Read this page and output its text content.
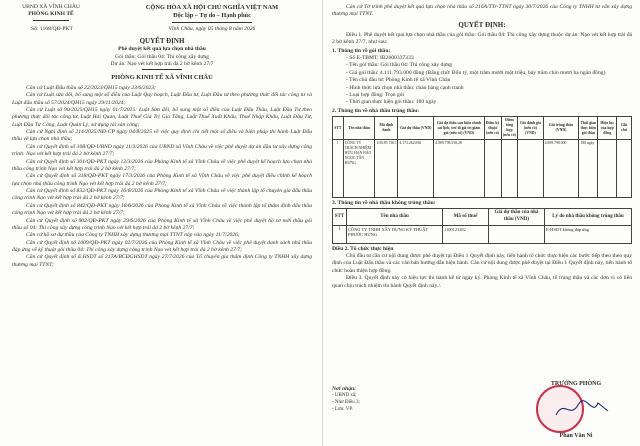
UBND XÃ VĨNH CHÂU
PHÒNG KINH TẾ
CỘNG HÒA XÃ HỘI CHỦ NGHĨA VIỆT NAM
Độc lập – Tự do – Hạnh phúc
Số: 1168/QĐ-PKT	Vĩnh Châu, ngày 05 tháng 8 năm 2026
QUYẾT ĐỊNH
Phê duyệt kết quả lựa chọn nhà thầu
Gói thầu: Gói thầu 04: Thi công xây dựng
Dự án: Nạo vét kết hợp trải đá 2 bờ kênh 27/7
PHÒNG KINH TẾ XÃ VĨNH CHÂU

Căn cứ Luật Đấu thầu số 22/2023/QH15 ngày 23/6/2023;

Căn cứ Luật sửa đổi, bổ sung một số điều của Luật Quy hoạch, Luật Đầu tư, Luật Đầu tư theo phương thức đối tác công tư và Luật đấu thầu số 57/2024/QH15 ngày 29/11/2024;

Căn cứ Luật số 90/2025/QH15 ngày 01/7/2025: Luật Sửa đổi, bổ sung một số điều của Luật Đấu Thầu, Luật Đầu Tư theo phương thức đối tác công tư, Luật Hải Quan, Luật Thuế Giá Trị Gia Tăng, Luật Thuế Xuất Khẩu, Thuế Nhập Khẩu, Luật Đầu Tư, Luật Đầu Tư Công, Luật Quản Lý, sử dụng tài sản công;

Căn cứ Nghị định số 214/2025/NĐ-CP ngày 04/8/2025 về việc quy định chi tiết một số điều và biện pháp thi hành Luật Đấu thầu về lựa chọn nhà thầu;

Căn cứ Quyết định số 308/QĐ-UBND ngày 11/3/2026 của UBND xã Vĩnh Châu về việc phê duyệt dự án đầu tư xây dựng công trình: Nạo vét kết hợp trải đá 2 bờ kênh 27/7;

Căn cứ Quyết định số 301/QĐ-PKT ngày 12/3/2026 của Phòng Kinh tế xã Vĩnh Châu về việc phê duyệt kế hoạch lựa chọn nhà thầu công trình Nạo vét kết hợp trải đá 2 bờ kênh 27/7;

Căn cứ Quyết định số 318/QĐ-PKT ngày 17/3/2026 của Phòng Kinh tế xã Vĩnh Châu về việc phê duyệt điều chỉnh kế hoạch lựa chọn nhà thầu công trình Nạo vét kết hợp trải đá 2 bờ kênh 27/7;

Căn cứ Quyết định số 832/QĐ-PKT ngày 16/6/2026 của Phòng Kinh tế xã Vĩnh Châu về việc thành lập tổ chuyên gia đấu thầu công trình Nạo vét kết hợp trải đá 2 bờ kênh 27/7;

Căn cứ Quyết định số 842/QĐ-PKT ngày 18/6/2026 của Phòng Kinh tế xã Vĩnh Châu về việc thành lập tổ thẩm định đấu thầu công trình Nạo vét kết hợp trải đá 2 bờ kênh 27/7;

Căn cứ Quyết định số 902/QĐ-PKT ngày 29/6/2026 của Phòng Kinh tế xã Vĩnh Châu về việc phê duyệt hồ sơ mời thầu gói thầu số 04: Thi công xây dựng công trình Nạo vét kết hợp trải đá 2 bờ kênh 27/7;

Căn cứ hồ sơ dự thầu của Công ty TNHH xây dựng thương mại TTNT nộp vào ngày 11/7/2026;

Căn cứ Quyết định số 1009/QĐ-PKT ngày 02/7/2026 của Phòng Kinh tế xã Vĩnh Châu về việc phê duyệt danh sách nhà thầu đáp ứng về kỹ thuật gói thầu 04: Thi công xây dựng công trình Nạo vét kết hợp trải đá 2 bờ kênh 27/7;

Căn cứ Quyết định số E.HSDT số 217A/BCĐGHSDT ngày 27/7/2026 của Tổ chuyên gia thẩm định Công ty TNHH xây dựng thương mại TTNT;

Căn cứ Tờ trình phê duyệt kết quả lựa chọn nhà thầu số 216A/TTr-TTNT ngày 30/7/2026 của Công ty TNHH tư vấn xây dựng thương mại TTNT.

QUYẾT ĐỊNH:

Điều 1. Phê duyệt kết quả lựa chọn nhà thầu của gói thầu: Gói thầu 04: Thi công xây dựng thuộc dự án: Nạo vét kết hợp trải đá 2 bờ kênh 27/7, như sau:

1. Thông tin về gói thầu:
- Số E-TBMT: IB2600337333
- Tên gói thầu: Gói thầu 04: Thi công xây dựng
- Giá gói thầu: 4.111.793.000 đồng (Bằng chữ: Bốn tỷ, một trăm mười một triệu, bảy trăm chín mươi ba ngàn đồng)
- Tên chủ đầu tư: Phòng Kinh tế xã Vĩnh Châu
- Hình thức lựa chọn nhà thầu: chào hàng cạnh tranh
- Loại hợp đồng: Trọn gói
- Thời gian thực hiện gói thầu: 180 ngày
2. Thông tin về nhà thầu trúng thầu:
STT	Tên nhà thầu	Mã định danh	Giá dự thầu (VND)	Giá dự thầu sau hiệu chỉnh sai lệch, trừ đi giá trị giảm giá (nếu có) (VND)	Điểm kỹ thuật (nếu có)	Điểm tổng hợp (nếu có)	Giá đánh giá (nếu có) (VND)	Giá trúng thầu (VND)	Thời gian thực hiện gói thầu	Hiệu lực của hợp đồng	Ghi chú
1	CÔNG TY TRÁCH NHIỆM HỮU HẠN BẢO NGỌC TÂN HƯNG	110185 7561	4.173.262.836	4.089.798.558,28				4.089.798.000	180 ngày		
3. Thông tin về nhà thầu không trúng thầu:
STT	Tên nhà thầu	Mã số thuế	Giá dự thầu của nhà thầu (VND)	Lý do nhà thầu không trúng thầu
1	CÔNG TY TNHH XÂY DỰNG KỸ THUẬT PHƯỚC HƯNG	1100123282		E-HSDT không đáp ứng
Điều 2. Tổ chức thực hiện

Chủ đầu tư căn cứ nội dung được phê duyệt tại Điều 1 Quyết định này, tiến hành tổ chức thực hiện các bước tiếp theo theo quy định của Luật Đấu thầu và các văn bản hướng dẫn hiện hành. Căn cứ nội dung được phê duyệt tại Điều 1 Quyết định này, tiến hành tổ chức hoàn thiện hợp đồng.

Điều 3. Quyết định này có hiệu lực thi hành kể từ ngày ký. Phòng Kinh tế xã Vĩnh Châu, tổ trúng thầu và các đơn vị có liên quan chịu trách nhiệm thi hành Quyết định này./.

Nơi nhận:
- UBND xã;
- Như Điều 3;
- Lưu: VP.
TRƯỞNG PHÒNG
Phan Văn Ni
